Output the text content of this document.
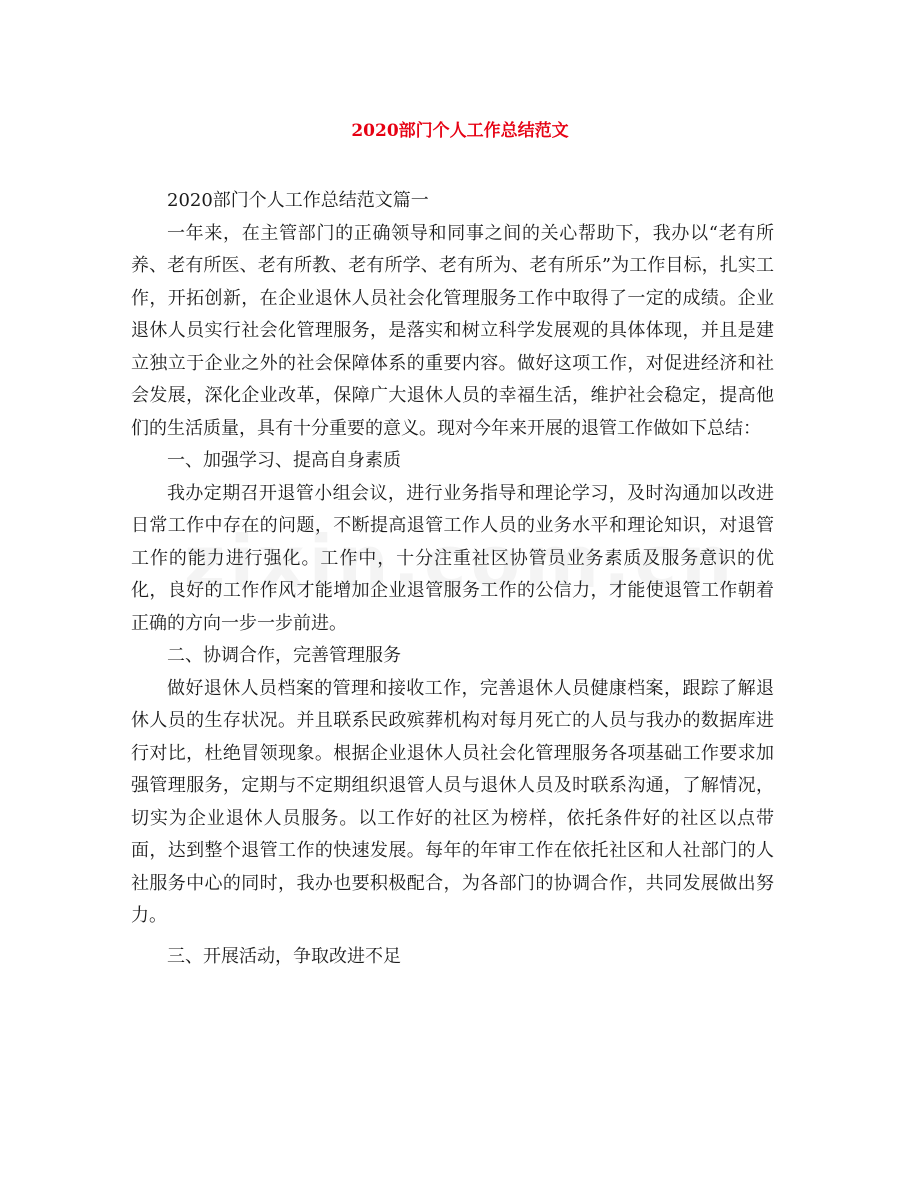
2020部门个人工作总结范文

2020部门个人工作总结范文篇一

一年来，在主管部门的正确领导和同事之间的关心帮助下，我办以“老有所养、老有所医、老有所教、老有所学、老有所为、老有所乐”为工作目标，扎实工作，开拓创新，在企业退休人员社会化管理服务工作中取得了一定的成绩。企业退休人员实行社会化管理服务，是落实和树立科学发展观的具体体现，并且是建立独立于企业之外的社会保障体系的重要内容。做好这项工作，对促进经济和社会发展，深化企业改革，保障广大退休人员的幸福生活，维护社会稳定，提高他们的生活质量，具有十分重要的意义。现对今年来开展的退管工作做如下总结：

一、加强学习、提高自身素质

我办定期召开退管小组会议，进行业务指导和理论学习，及时沟通加以改进日常工作中存在的问题，不断提高退管工作人员的业务水平和理论知识，对退管工作的能力进行强化。工作中，十分注重社区协管员业务素质及服务意识的优化，良好的工作作风才能增加企业退管服务工作的公信力，才能使退管工作朝着正确的方向一步一步前进。

二、协调合作，完善管理服务

做好退休人员档案的管理和接收工作，完善退休人员健康档案，跟踪了解退休人员的生存状况。并且联系民政殡葬机构对每月死亡的人员与我办的数据库进行对比，杜绝冒领现象。根据企业退休人员社会化管理服务各项基础工作要求加强管理服务，定期与不定期组织退管人员与退休人员及时联系沟通，了解情况，切实为企业退休人员服务。以工作好的社区为榜样，依托条件好的社区以点带面，达到整个退管工作的快速发展。每年的年审工作在依托社区和人社部门的人社服务中心的同时，我办也要积极配合，为各部门的协调合作，共同发展做出努力。

三、开展活动，争取改进不足
